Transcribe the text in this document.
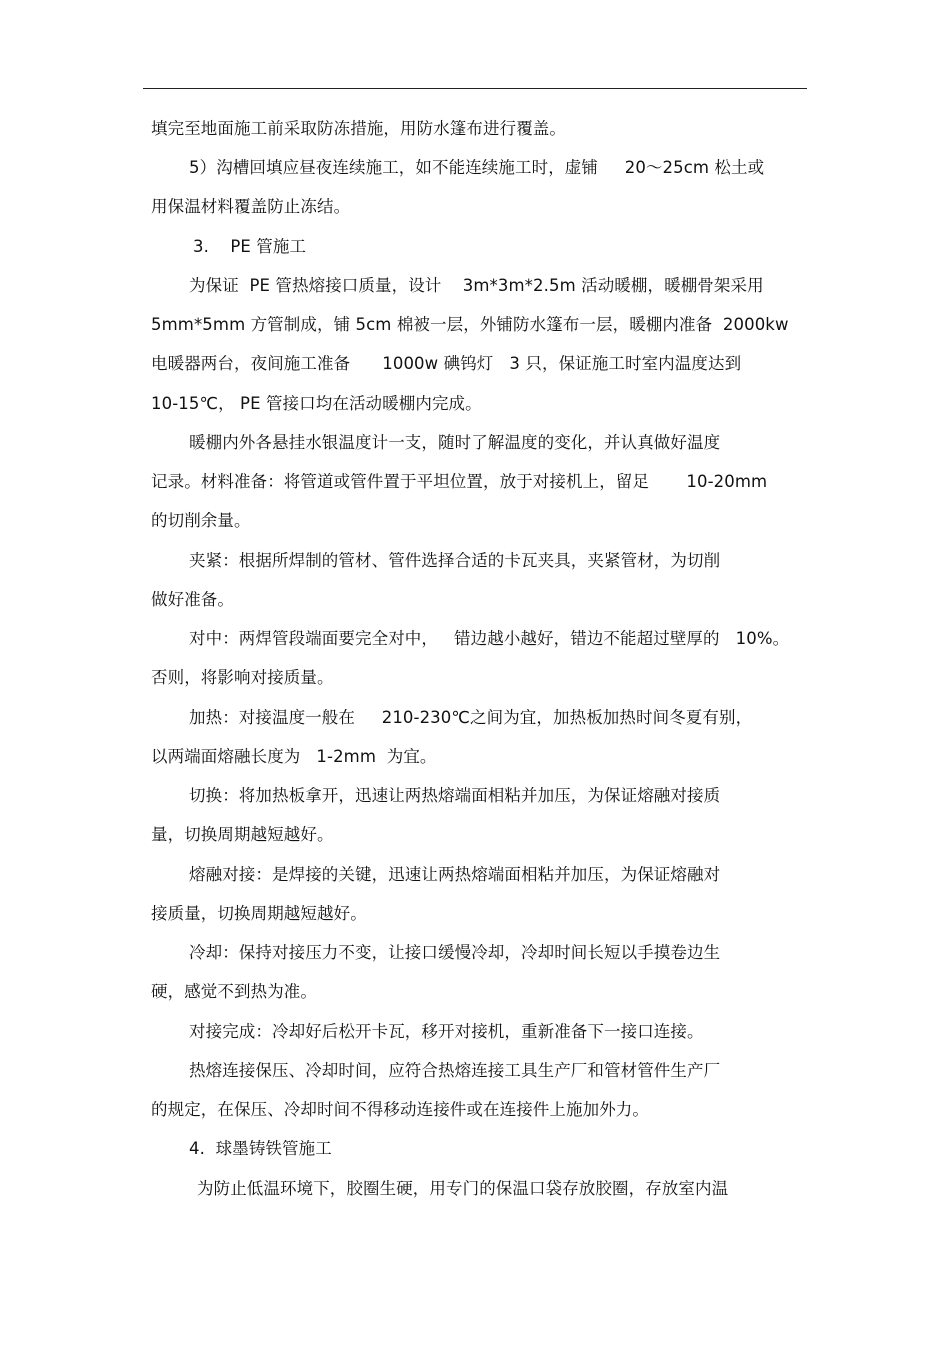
填完至地面施工前采取防冻措施，用防水篷布进行覆盖。
5）沟槽回填应昼夜连续施工，如不能连续施工时，虚铺     20～25cm 松土或
用保温材料覆盖防止冻结。
3.    PE 管施工
为保证  PE 管热熔接口质量，设计    3m*3m*2.5m 活动暖棚，暖棚骨架采用
5mm*5mm 方管制成，铺 5cm 棉被一层，外铺防水篷布一层，暖棚内准备  2000kw
电暖器两台，夜间施工准备      1000w 碘钨灯   3 只，保证施工时室内温度达到
10-15℃， PE 管接口均在活动暖棚内完成。
暖棚内外各悬挂水银温度计一支，随时了解温度的变化，并认真做好温度
记录。材料准备：将管道或管件置于平坦位置，放于对接机上，留足       10-20mm
的切削余量。
夹紧：根据所焊制的管材、管件选择合适的卡瓦夹具，夹紧管材，为切削
做好准备。
对中：两焊管段端面要完全对中，   错边越小越好，错边不能超过壁厚的   10%。
否则，将影响对接质量。
加热：对接温度一般在     210-230℃之间为宜，加热板加热时间冬夏有别，
以两端面熔融长度为   1-2mm  为宜。
切换：将加热板拿开，迅速让两热熔端面相粘并加压，为保证熔融对接质
量，切换周期越短越好。
熔融对接：是焊接的关键，迅速让两热熔端面相粘并加压，为保证熔融对
接质量，切换周期越短越好。
冷却：保持对接压力不变，让接口缓慢冷却，冷却时间长短以手摸卷边生
硬，感觉不到热为准。
对接完成：冷却好后松开卡瓦，移开对接机，重新准备下一接口连接。
热熔连接保压、冷却时间，应符合热熔连接工具生产厂和管材管件生产厂
的规定，在保压、冷却时间不得移动连接件或在连接件上施加外力。
4.  球墨铸铁管施工
为防止低温环境下，胶圈生硬，用专门的保温口袋存放胶圈，存放室内温
